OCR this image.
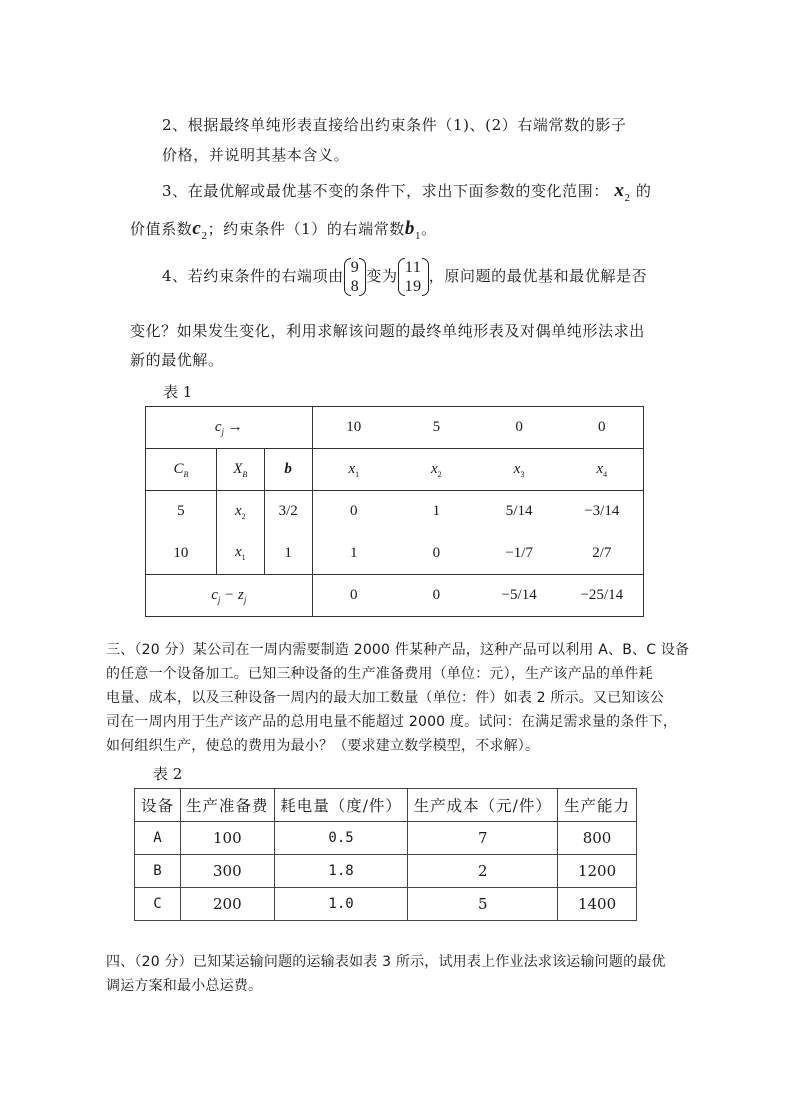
2、根据最终单纯形表直接给出约束条件（1)、(2）右端常数的影子
价格，并说明其基本含义。
3、在最优解或最优基不变的条件下，求出下面参数的变化范围： $x_2$ 的
价值系数$c_2$；约束条件（1）的右端常数$b_1$。
4、若约束条件的右端项由 9
8变为 11
19，原问题的最优基和最优解是否
变化？如果发生变化，利用求解该问题的最终单纯形表及对偶单纯形法求出
新的最优解。
表 1
$c_j$ →			10	5	0	0
$C_B$	$X_B$	b	$x_1$	$x_2$	$x_3$	$x_4$
5	$x_2$	3/2	0	1	5/14	−3/14
10	$x_1$	1	1	0	−1/7	2/7
$c_j - z_j$			0	0	−5/14	−25/14
三、（20 分）某公司在一周内需要制造 2000 件某种产品，这种产品可以利用 A、B、C 设备
的任意一个设备加工。已知三种设备的生产准备费用（单位：元），生产该产品的单件耗
电量、成本，以及三种设备一周内的最大加工数量（单位：件）如表 2 所示。又已知该公
司在一周内用于生产该产品的总用电量不能超过 2000 度。试问：在满足需求量的条件下，
如何组织生产，使总的费用为最小？（要求建立数学模型，不求解）。
表 2
设备	生产准备费	耗电量（度/件）	生产成本（元/件）	生产能力
A	100	0.5	7	800
B	300	1.8	2	1200
C	200	1.0	5	1400
四、（20 分）已知某运输问题的运输表如表 3 所示，试用表上作业法求该运输问题的最优
调运方案和最小总运费。
